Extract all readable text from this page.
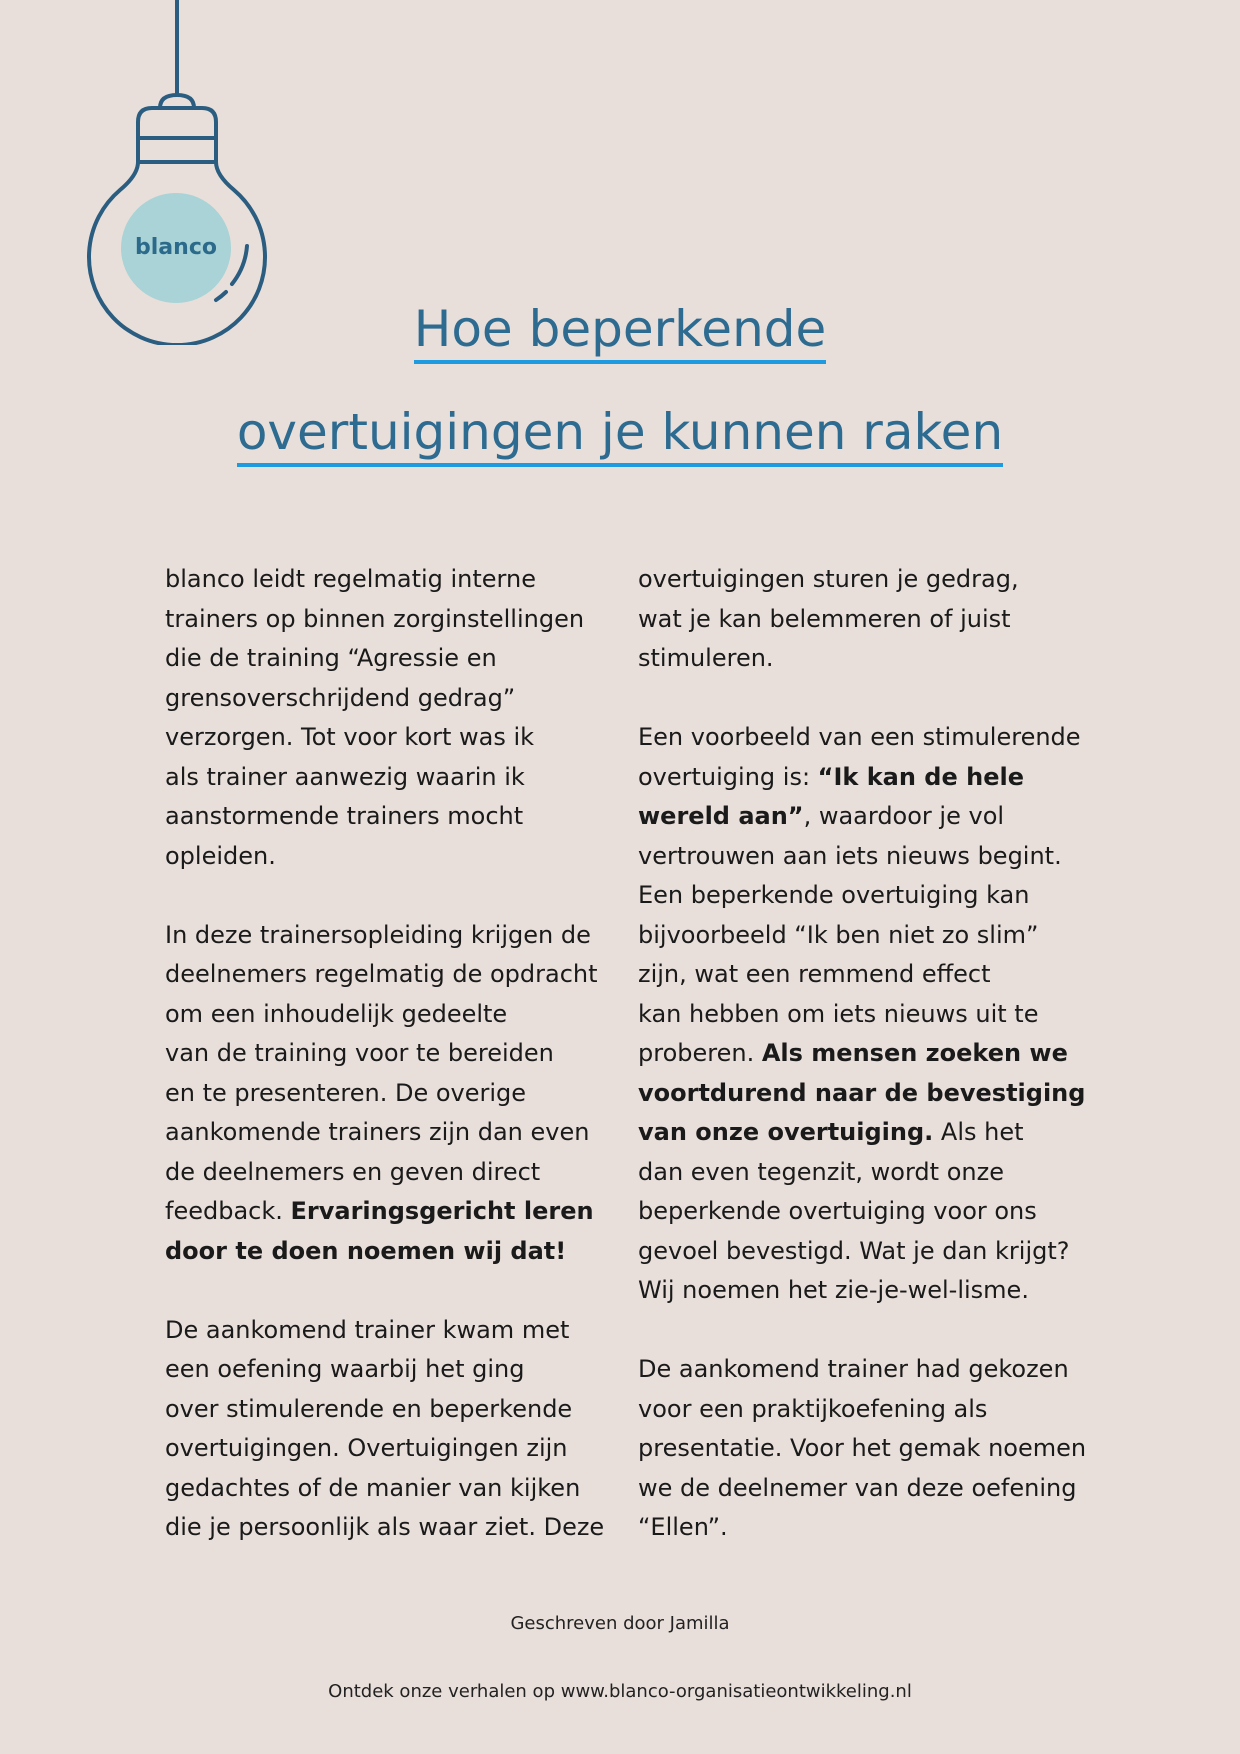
blanco
Hoe beperkende
overtuigingen je kunnen raken

blanco leidt regelmatig interne
trainers op binnen zorginstellingen
die de training “Agressie en
grensoverschrijdend gedrag”
verzorgen. Tot voor kort was ik
als trainer aanwezig waarin ik
aanstormende trainers mocht
opleiden.

In deze trainersopleiding krijgen de
deelnemers regelmatig de opdracht
om een inhoudelijk gedeelte
van de training voor te bereiden
en te presenteren. De overige
aankomende trainers zijn dan even
de deelnemers en geven direct
feedback. Ervaringsgericht leren
door te doen noemen wij dat!

De aankomend trainer kwam met
een oefening waarbij het ging
over stimulerende en beperkende
overtuigingen. Overtuigingen zijn
gedachtes of de manier van kijken
die je persoonlijk als waar ziet. Deze

overtuigingen sturen je gedrag,
wat je kan belemmeren of juist
stimuleren.

Een voorbeeld van een stimulerende
overtuiging is: “Ik kan de hele
wereld aan”, waardoor je vol
vertrouwen aan iets nieuws begint.
Een beperkende overtuiging kan
bijvoorbeeld “Ik ben niet zo slim”
zijn, wat een remmend effect
kan hebben om iets nieuws uit te
proberen. Als mensen zoeken we
voortdurend naar de bevestiging
van onze overtuiging. Als het
dan even tegenzit, wordt onze
beperkende overtuiging voor ons
gevoel bevestigd. Wat je dan krijgt?
Wij noemen het zie-je-wel-lisme.

De aankomend trainer had gekozen
voor een praktijkoefening als
presentatie. Voor het gemak noemen
we de deelnemer van deze oefening
“Ellen”.

Geschreven door Jamilla
Ontdek onze verhalen op www.blanco-organisatieontwikkeling.nl
